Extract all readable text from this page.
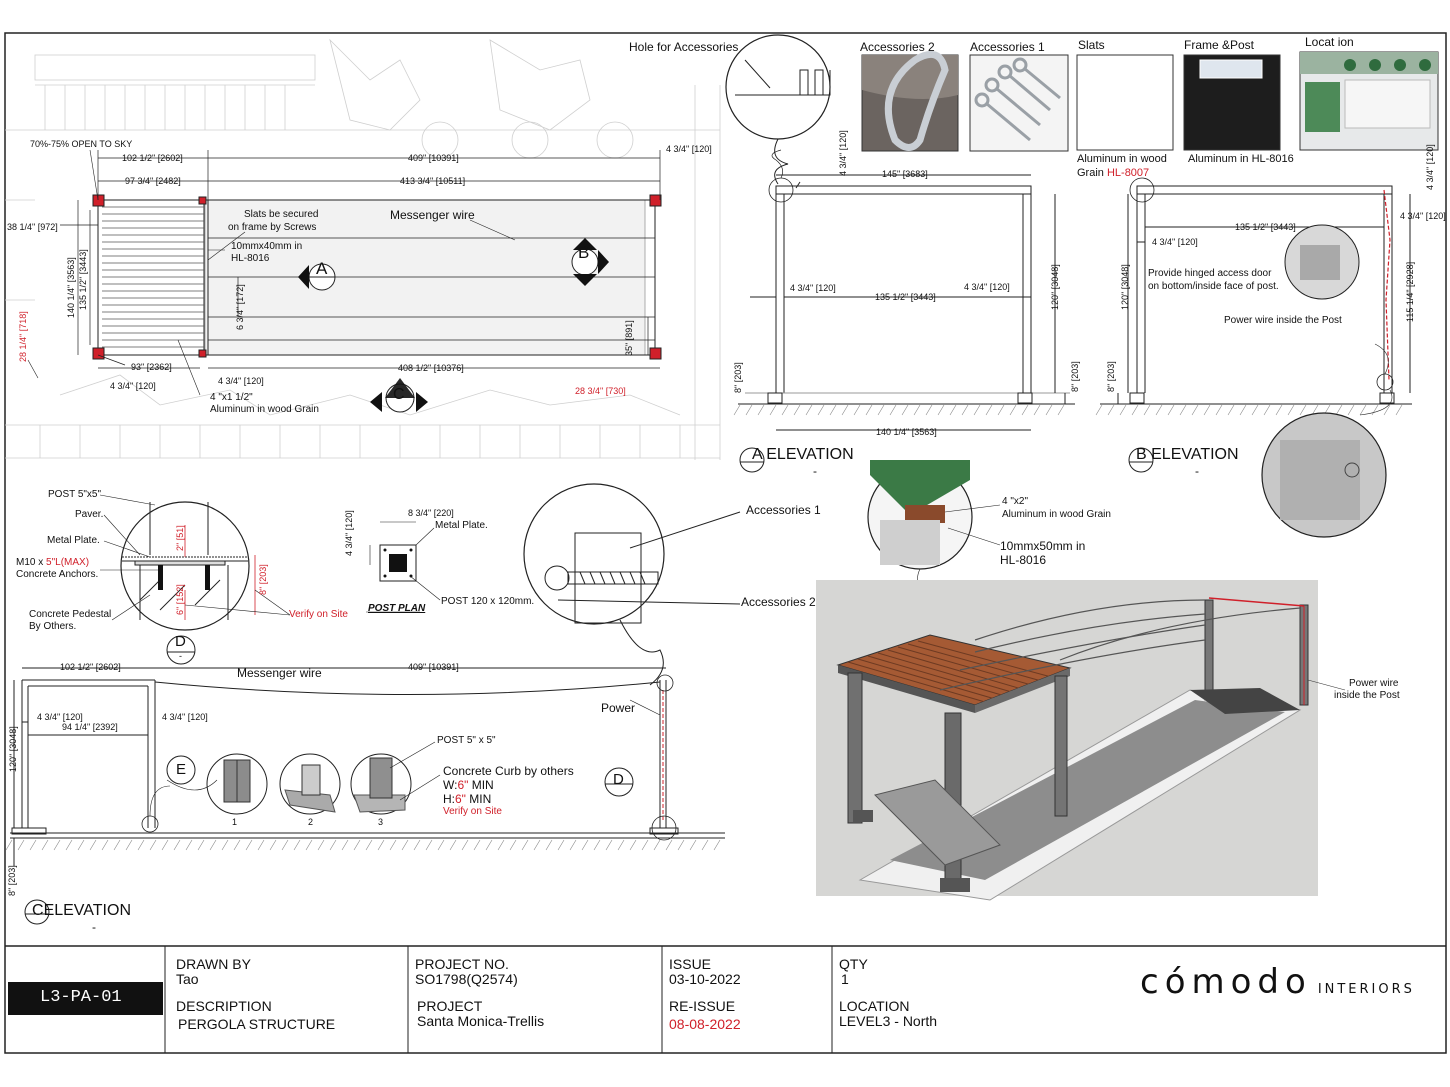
L3-PA-01
DRAWN BY
Tao
DESCRIPTION
PERGOLA STRUCTURE
PROJECT NO.
SO1798(Q2574)
PROJECT
Santa Monica-Trellis
ISSUE
03-10-2022
RE-ISSUE
08-08-2022
QTY
1
LOCATION
LEVEL3 - North
cómodo INTERIORS
Hole for Accessories	Accessories 2	Accessories 1	Slats	Frame &Post	Locat ion
Aluminum in wood
Grain HL-8007
Aluminum in HL-8016
70%-75% OPEN TO SKY
102 1/2" [2602]	409" [10391]
4 3/4" [120]
97 3/4" [2482]	413 3/4" [10511]
38 1/4" [972]
140 1/4" [3563] 135 1/2" [3443]	6 3/4" [172]
35" [891]
28 1/4" [718]
93" [2362]
4 3/4" [120]	4 3/4" [120]
408 1/2" [10376]
28 3/4" [730]
Slats be secured
on frame by Screws
Messenger wire
10mmx40mm in
HL-8016
4 "x1 1/2"
Aluminum in wood Grain
A
B
C
145" [3683]
4 3/4" [120]
4 3/4" [120]
135 1/2" [3443]
4 3/4" [120]	120" [3048]
8" [203]
8" [203]
140 1/4" [3563]
A ELEVATION
-
135 1/2" [3443]
4 3/4" [120]
4 3/4" [120]
4 3/4" [120]
120" [3048]	115 1/4" [2928]
8" [203]
Provide hinged access door
on bottom/inside face of post.
Power wire inside the Post
B ELEVATION
-
POST 5"x5"
Paver.
Metal Plate.
M10 x 5"L(MAX)
Concrete Anchors.
Concrete Pedestal
By Others.
2" [51]
6" [152]
8" [203]
Verify on Site
D
-
8 3/4" [220]
4 3/4" [120]	Metal Plate.
POST PLAN
POST 120 x 120mm.
Accessories 1
Accessories 2
4 "x2"
Aluminum in wood Grain
10mmx50mm in
HL-8016
Power wire
inside the Post
102 1/2" [2602]	409" [10391]
4 3/4" [120]
94 1/4" [2392]
4 3/4" [120]
120" [3048]
8" [203]
Messenger wire
Power
POST 5" x 5"
Concrete Curb by others
W:6" MIN
H:6" MIN
Verify on Site
E
D
1	2	3
CELEVATION
-
